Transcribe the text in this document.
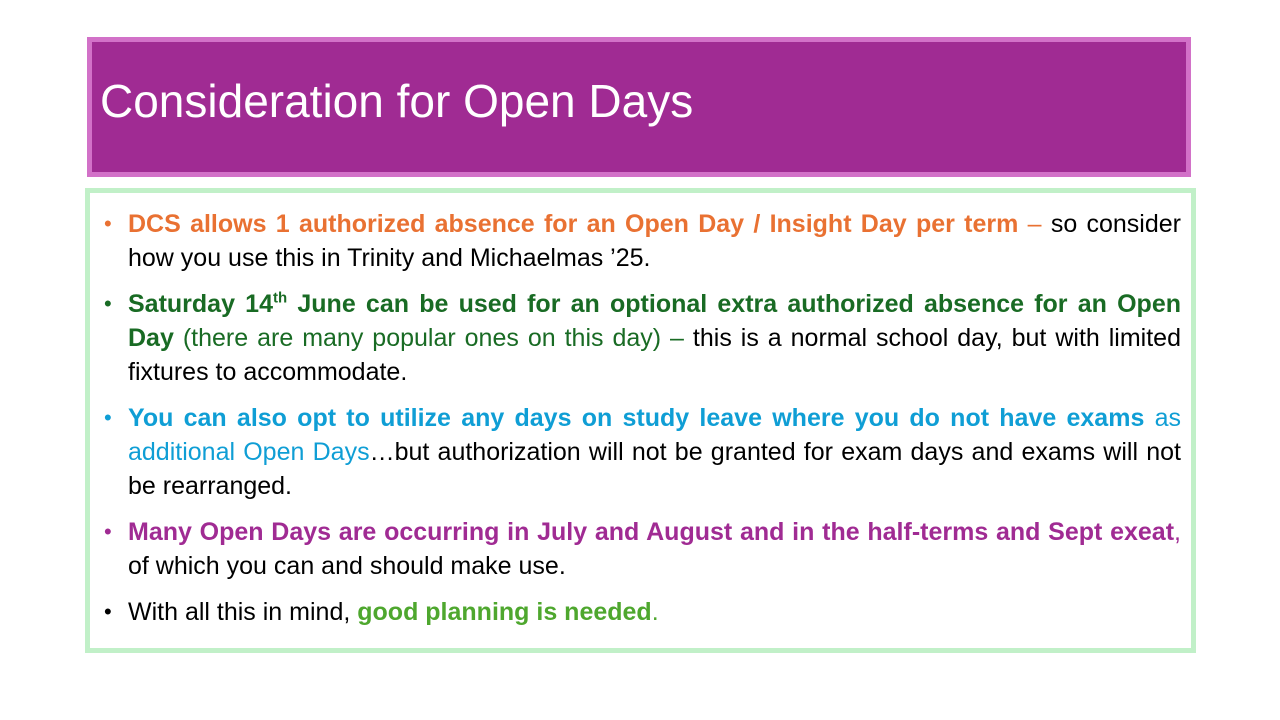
Consideration for Open Days
• DCS allows 1 authorized absence for an Open Day / Insight Day per term – so consider how you use this in Trinity and Michaelmas ’25.
• Saturday 14th June can be used for an optional extra authorized absence for an Open Day (there are many popular ones on this day) – this is a normal school day, but with limited fixtures to accommodate.
• You can also opt to utilize any days on study leave where you do not have exams as additional Open Days…but authorization will not be granted for exam days and exams will not be rearranged.
• Many Open Days are occurring in July and August and in the half-terms and Sept exeat, of which you can and should make use.
• With all this in mind, good planning is needed.
